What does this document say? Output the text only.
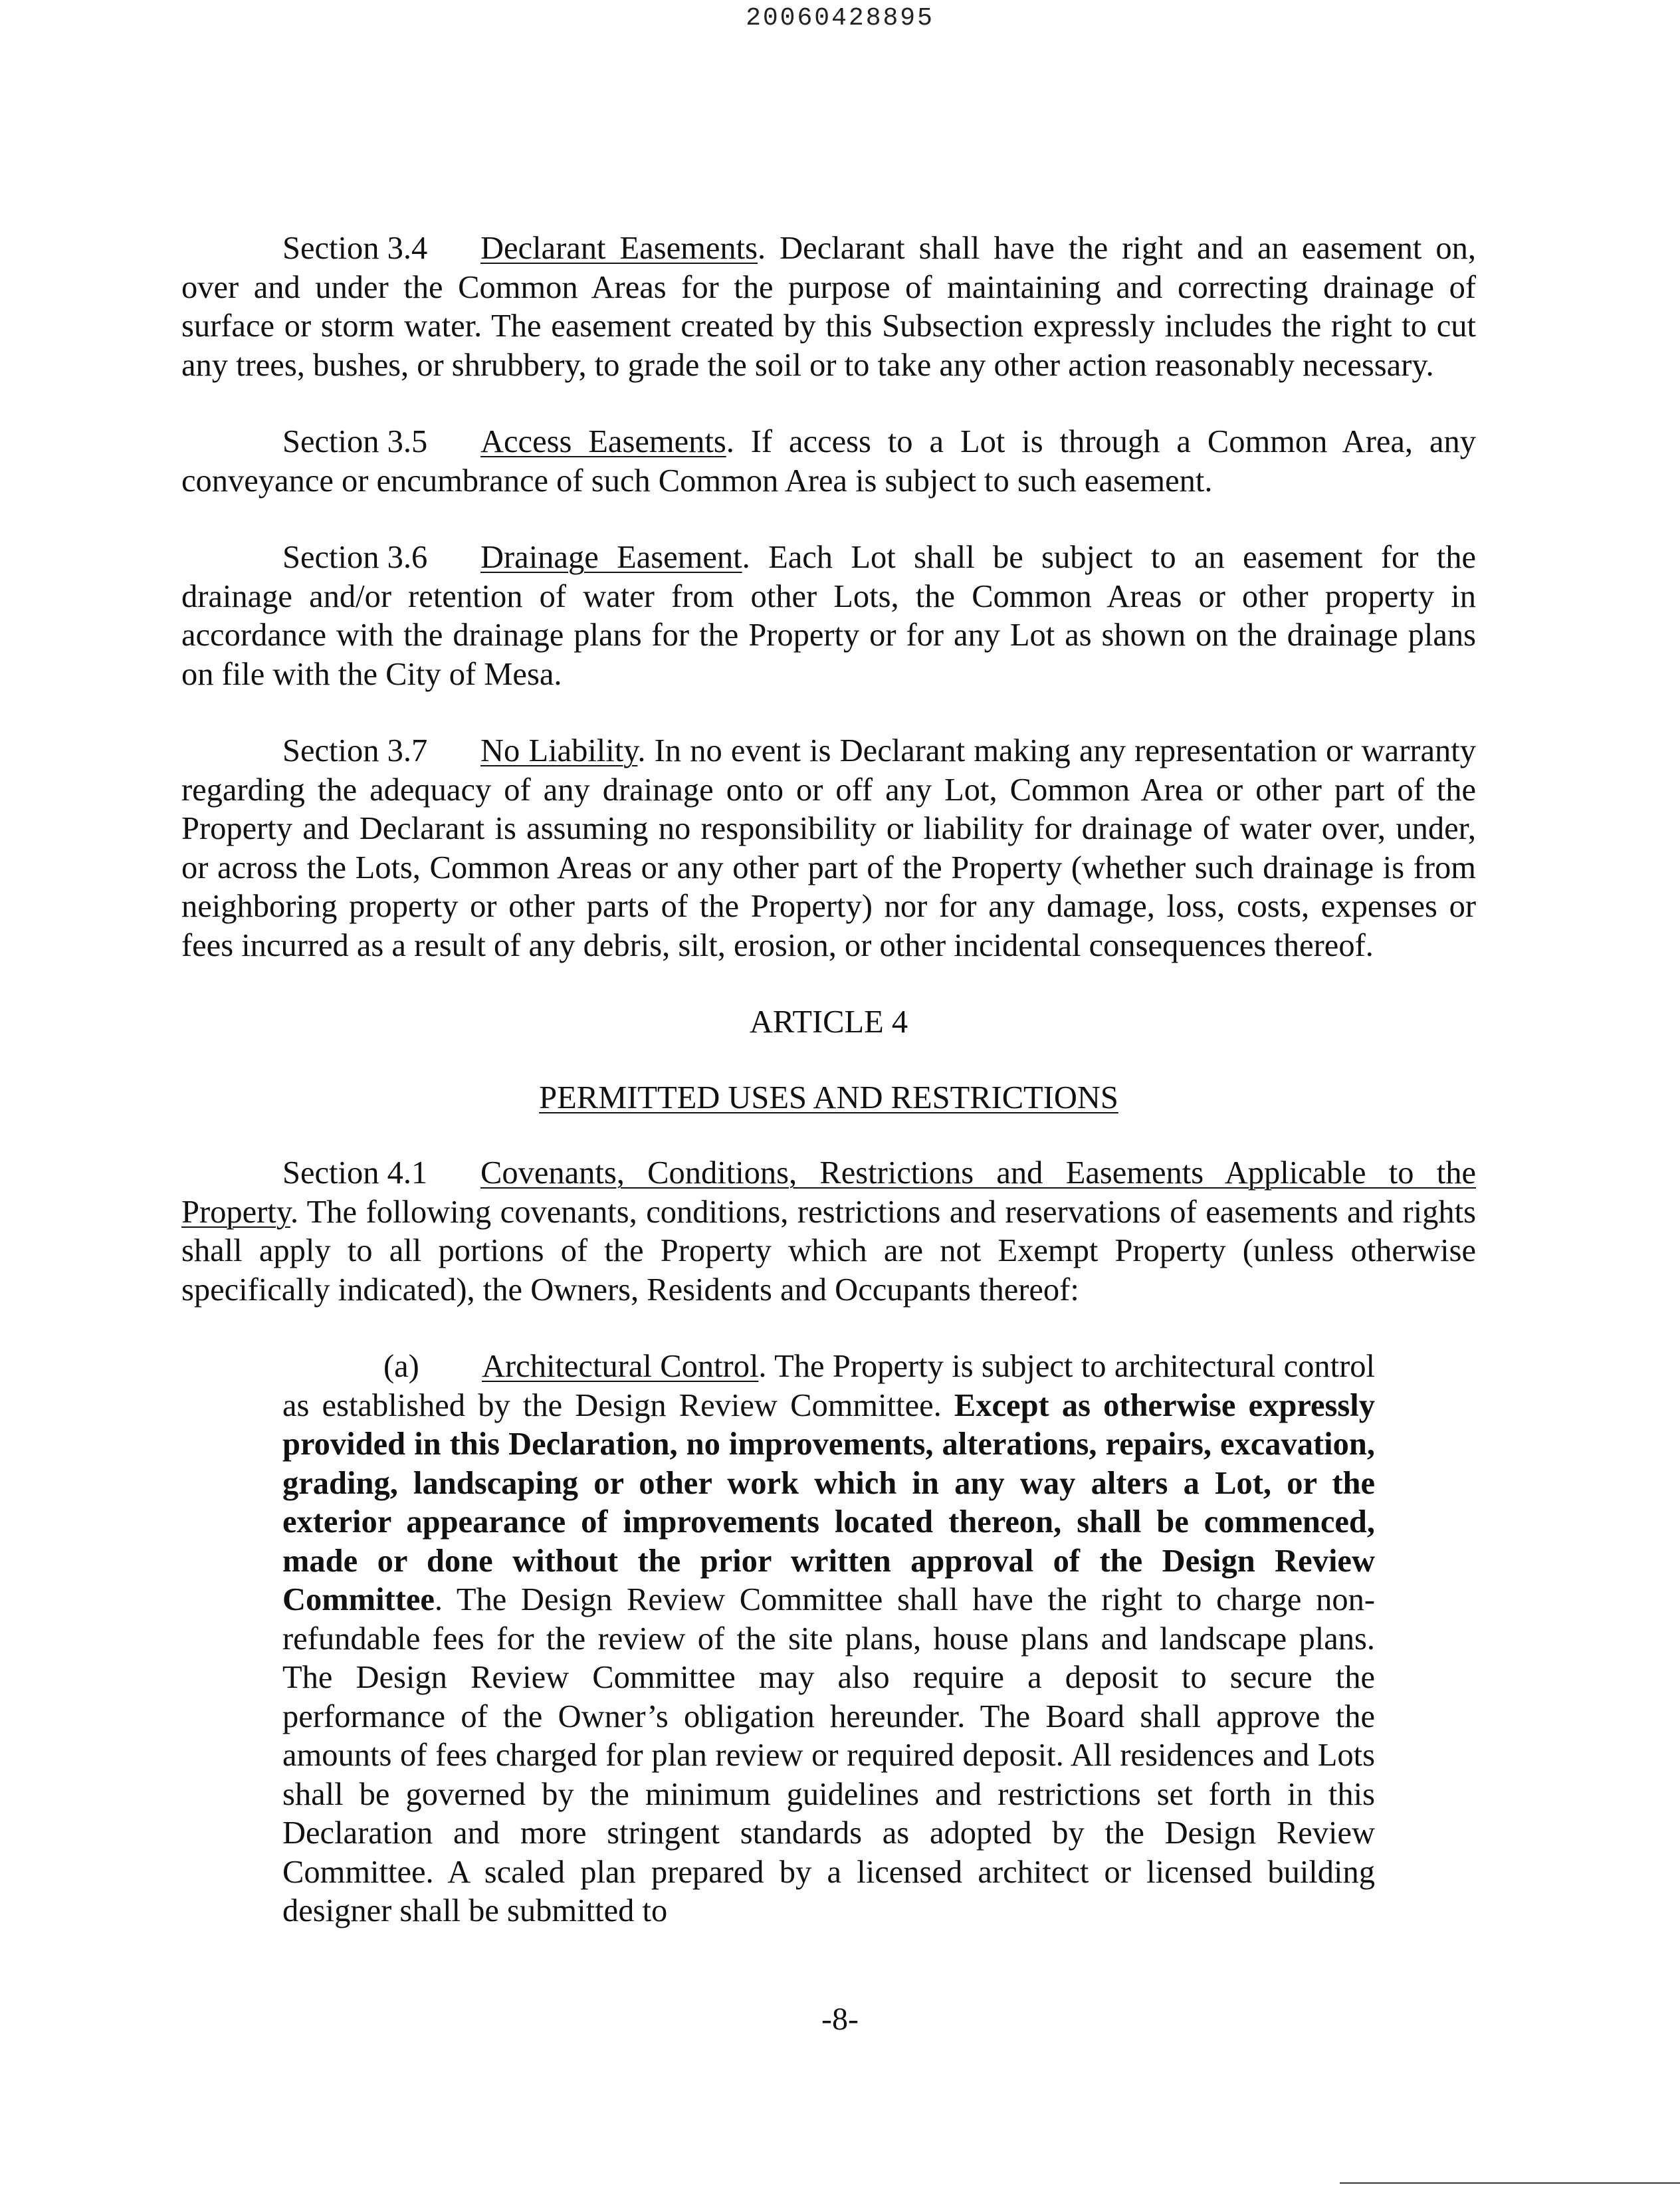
20060428895

Section 3.4 Declarant Easements. Declarant shall have the right and an easement on, over and under the Common Areas for the purpose of maintaining and correcting drainage of surface or storm water. The easement created by this Subsection expressly includes the right to cut any trees, bushes, or shrubbery, to grade the soil or to take any other action reasonably necessary.

Section 3.5 Access Easements. If access to a Lot is through a Common Area, any conveyance or encumbrance of such Common Area is subject to such easement.

Section 3.6 Drainage Easement. Each Lot shall be subject to an easement for the drainage and/or retention of water from other Lots, the Common Areas or other property in accordance with the drainage plans for the Property or for any Lot as shown on the drainage plans on file with the City of Mesa.

Section 3.7 No Liability. In no event is Declarant making any representation or warranty regarding the adequacy of any drainage onto or off any Lot, Common Area or other part of the Property and Declarant is assuming no responsibility or liability for drainage of water over, under, or across the Lots, Common Areas or any other part of the Property (whether such drainage is from neighboring property or other parts of the Property) nor for any damage, loss, costs, expenses or fees incurred as a result of any debris, silt, erosion, or other incidental consequences thereof.

ARTICLE 4
PERMITTED USES AND RESTRICTIONS

Section 4.1 Covenants, Conditions, Restrictions and Easements Applicable to the Property. The following covenants, conditions, restrictions and reservations of easements and rights shall apply to all portions of the Property which are not Exempt Property (unless otherwise specifically indicated), the Owners, Residents and Occupants thereof:

(a) Architectural Control. The Property is subject to architectural control as established by the Design Review Committee. Except as otherwise expressly provided in this Declaration, no improvements, alterations, repairs, excavation, grading, landscaping or other work which in any way alters a Lot, or the exterior appearance of improvements located thereon, shall be commenced, made or done without the prior written approval of the Design Review Committee. The Design Review Committee shall have the right to charge non-refundable fees for the review of the site plans, house plans and landscape plans. The Design Review Committee may also require a deposit to secure the performance of the Owner’s obligation hereunder. The Board shall approve the amounts of fees charged for plan review or required deposit. All residences and Lots shall be governed by the minimum guidelines and restrictions set forth in this Declaration and more stringent standards as adopted by the Design Review Committee. A scaled plan prepared by a licensed architect or licensed building designer shall be submitted to

-8-
